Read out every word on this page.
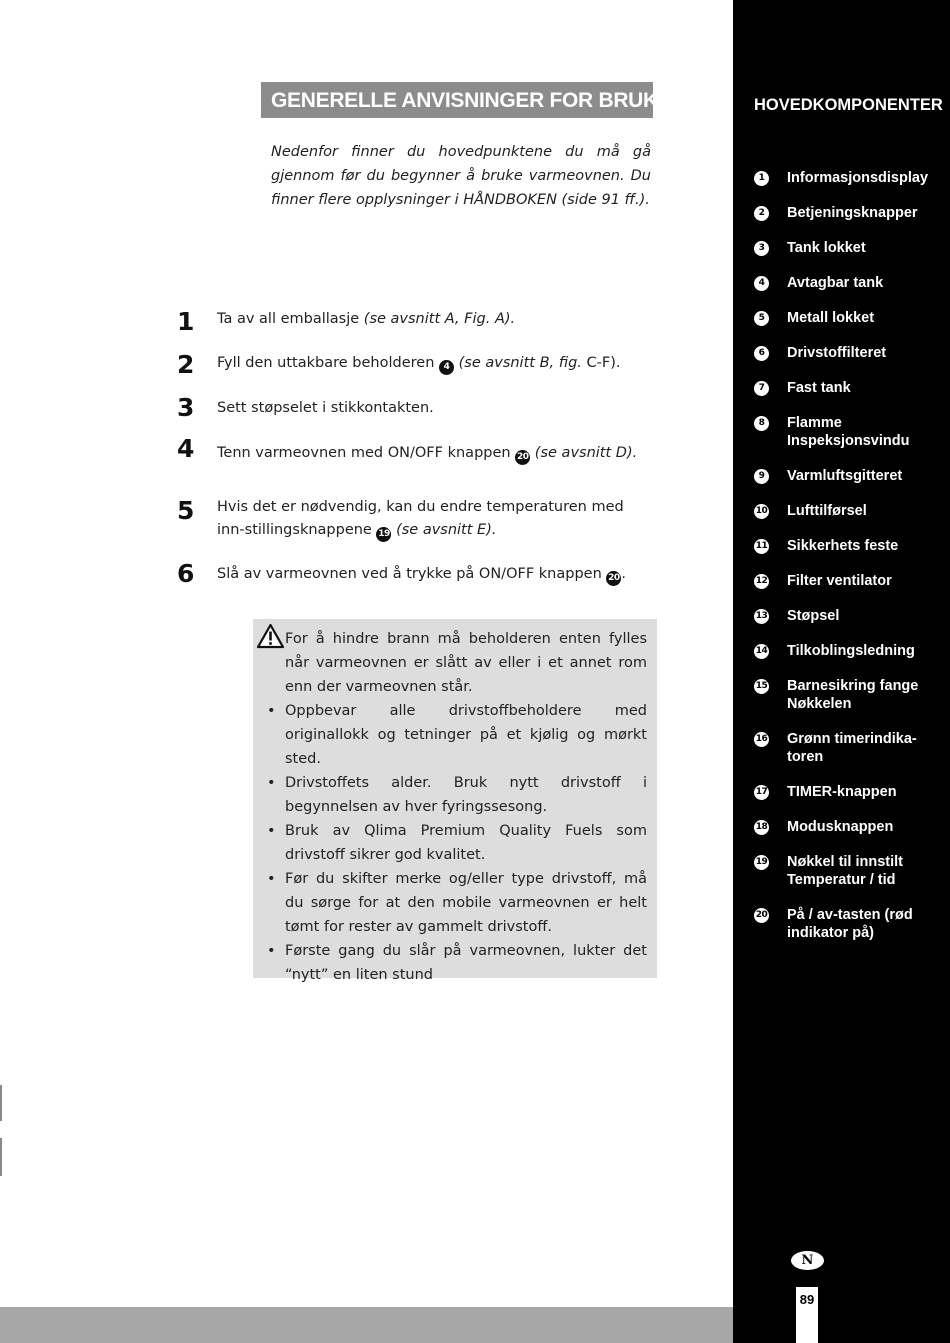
GENERELLE ANVISNINGER FOR BRUK
Nedenfor finner du hovedpunktene du må gå gjennom før du begynner å bruke varmeovnen. Du finner flere opplysninger i HÅNDBOKEN (side 91 ff.).
1 Ta av all emballasje (se avsnitt A, Fig. A).
2 Fyll den uttakbare beholderen 4 (se avsnitt B, fig. C-F).
3 Sett støpselet i stikkontakten.
4 Tenn varmeovnen med ON/OFF knappen 20 (se avsnitt D).
5 Hvis det er nødvendig, kan du endre temperaturen med inn-stillingsknappene 19 (se avsnitt E).
6 Slå av varmeovnen ved å trykke på ON/OFF knappen 20 .
For å hindre brann må beholderen enten fylles når varmeovnen er slått av eller i et annet rom enn der varmeovnen står.
• Oppbevar alle drivstoffbeholdere med originallokk og tetninger på et kjølig og mørkt sted.
• Drivstoffets alder. Bruk nytt drivstoff i begynnelsen av hver fyringssesong.
• Bruk av Qlima Premium Quality Fuels som drivstoff sikrer god kvalitet.
• Før du skifter merke og/eller type drivstoff, må du sørge for at den mobile varmeovnen er helt tømt for rester av gammelt drivstoff.
• Første gang du slår på varmeovnen, lukter det “nytt” en liten stund
HOVEDKOMPONENTER
1	Informasjonsdisplay
2	Betjeningsknapper
3	Tank lokket
4	Avtagbar tank
5	Metall lokket
6	Drivstoffilteret
7	Fast tank
8	Flamme Inspeksjonsvindu
9	Varmluftsgitteret
10 Lufttilførsel
11 Sikkerhets feste
12 Filter ventilator
13 Støpsel
14 Tilkoblingsledning
15 Barnesikring fange Nøkkelen
16 Grønn timerindika-toren
17 TIMER-knappen
18 Modusknappen
19 Nøkkel til innstilt Temperatur / tid
20 På / av-tasten (rød indikator på)
N
89
